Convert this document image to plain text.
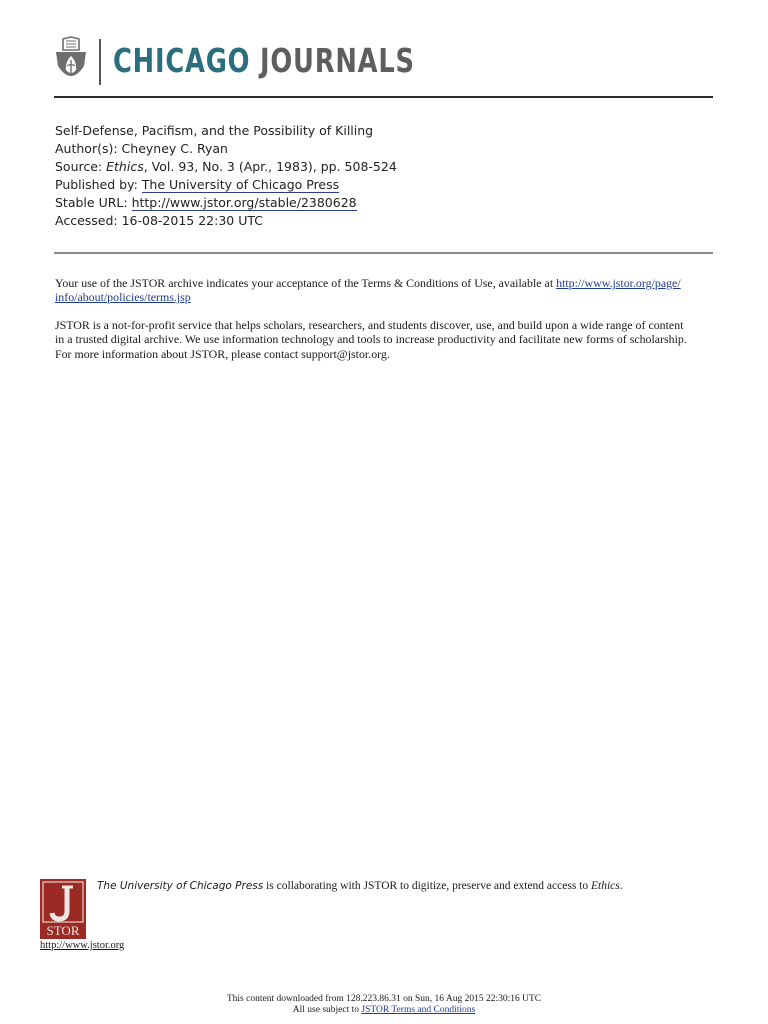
CHICAGO JOURNALS
Self-Defense, Pacifism, and the Possibility of Killing
Author(s): Cheyney C. Ryan
Source: Ethics, Vol. 93, No. 3 (Apr., 1983), pp. 508-524
Published by: The University of Chicago Press
Stable URL: http://www.jstor.org/stable/2380628
Accessed: 16-08-2015 22:30 UTC
Your use of the JSTOR archive indicates your acceptance of the Terms & Conditions of Use, available at http://www.jstor.org/page/
info/about/policies/terms.jsp
JSTOR is a not-for-profit service that helps scholars, researchers, and students discover, use, and build upon a wide range of content
in a trusted digital archive. We use information technology and tools to increase productivity and facilitate new forms of scholarship.
For more information about JSTOR, please contact support@jstor.org.
STOR
The University of Chicago Press is collaborating with JSTOR to digitize, preserve and extend access to Ethics.
http://www.jstor.org
This content downloaded from 128.223.86.31 on Sun, 16 Aug 2015 22:30:16 UTC
All use subject to JSTOR Terms and Conditions
